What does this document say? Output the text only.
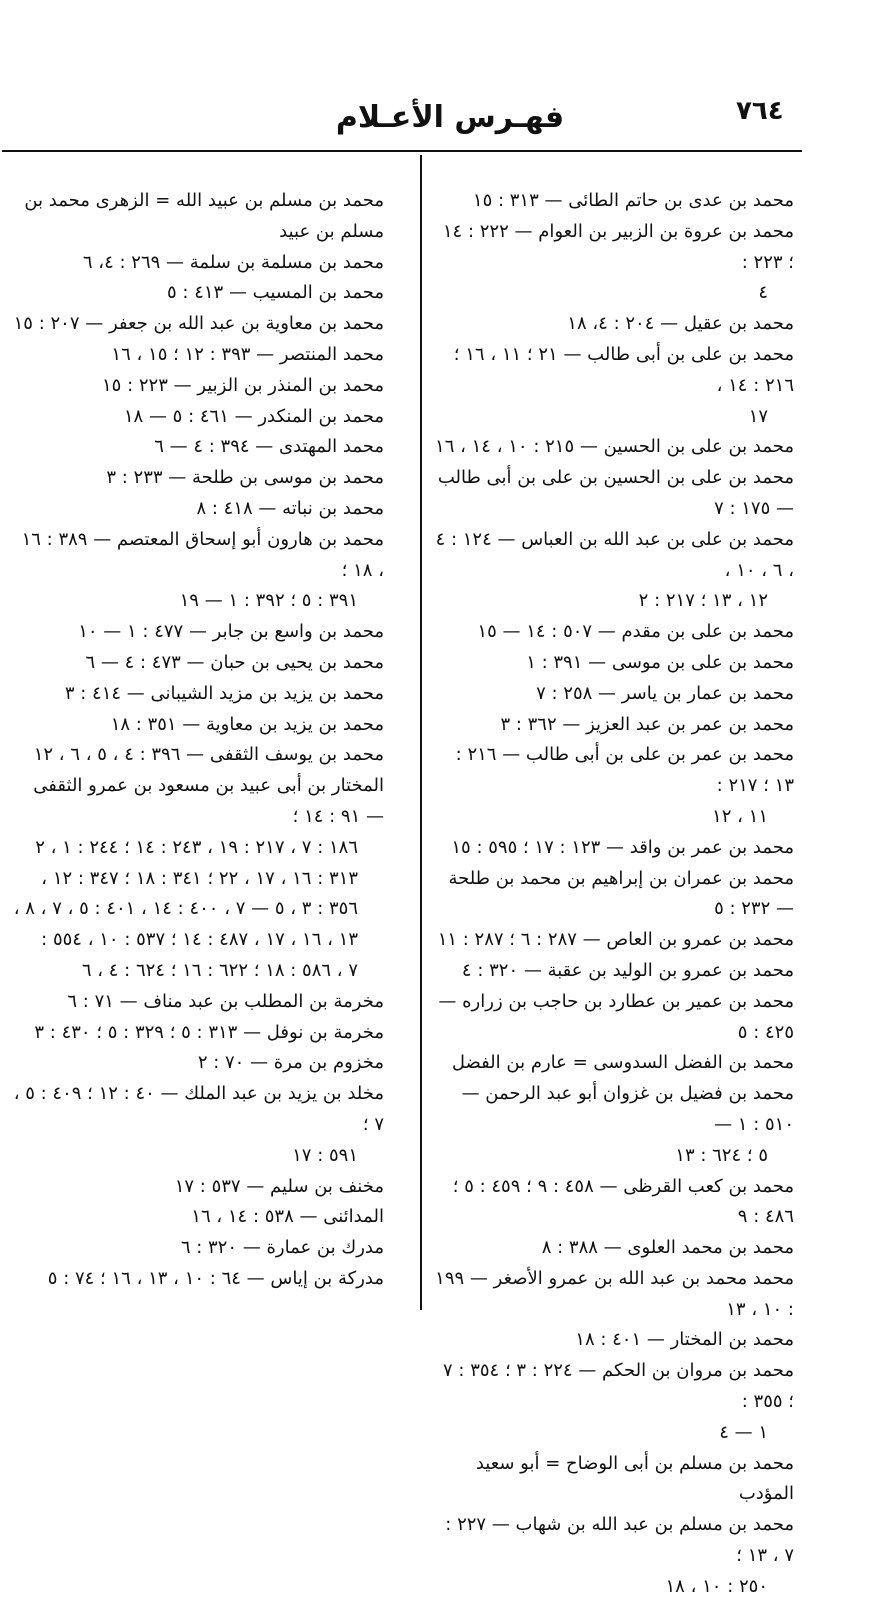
٧٦٤
فهـرس الأعـلام

محمد بن عدى بن حاتم الطائى — ٣١٣ : ١٥

محمد بن عروة بن الزبير بن العوام — ٢٢٢ : ١٤ ؛ ٢٢٣ :

٤

محمد بن عقيل — ٢٠٤ : ٤، ١٨

محمد بن على بن أبى طالب — ٢١ ؛ ١١ ، ١٦ ؛ ٢١٦ : ١٤ ،

١٧

محمد بن على بن الحسين — ٢١٥ : ١٠ ، ١٤ ، ١٦

محمد بن على بن الحسين بن على بن أبى طالب — ١٧٥ : ٧

محمد بن على بن عبد الله بن العباس — ١٢٤ : ٤ ، ٦ ، ١٠ ،

١٢ ، ١٣ ؛ ٢١٧ : ٢

محمد بن على بن مقدم — ٥٠٧ : ١٤ — ١٥

محمد بن على بن موسى — ٣٩١ : ١

محمد بن عمار بن ياسر — ٢٥٨ : ٧

محمد بن عمر بن عبد العزيز — ٣٦٢ : ٣

محمد بن عمر بن على بن أبى طالب — ٢١٦ : ١٣ ؛ ٢١٧ :

١١ ، ١٢

محمد بن عمر بن واقد — ١٢٣ : ١٧ ؛ ٥٩٥ : ١٥

محمد بن عمران بن إبراهيم بن محمد بن طلحة — ٢٣٢ : ٥

محمد بن عمرو بن العاص — ٢٨٧ : ٦ ؛ ٢٨٧ : ١١

محمد بن عمرو بن الوليد بن عقبة — ٣٢٠ : ٤

محمد بن عمير بن عطارد بن حاجب بن زراره — ٤٢٥ : ٥

محمد بن الفضل السدوسى = عارم بن الفضل

محمد بن فضيل بن غزوان أبو عبد الرحمن — ٥١٠ : ١ —

٥ ؛ ٦٢٤ : ١٣

محمد بن كعب القرظى — ٤٥٨ : ٩ ؛ ٤٥٩ : ٥ ؛ ٤٨٦ : ٩

محمد بن محمد العلوى — ٣٨٨ : ٨

محمد محمد بن عبد الله بن عمرو الأصغر — ١٩٩ : ١٠ ، ١٣

محمد بن المختار — ٤٠١ : ١٨

محمد بن مروان بن الحكم — ٢٢٤ : ٣ ؛ ٣٥٤ : ٧ ؛ ٣٥٥ :

١ — ٤

محمد بن مسلم بن أبى الوضاح = أبو سعيد المؤدب

محمد بن مسلم بن عبد الله بن شهاب — ٢٢٧ : ٧ ، ١٣ ؛

٢٥٠ : ١٠ ، ١٨

محمد بن مسلم بن عبيد الله = الزهرى محمد بن مسلم بن عبيد

محمد بن مسلمة بن سلمة — ٢٦٩ : ٤، ٦

محمد بن المسيب — ٤١٣ : ٥

محمد بن معاوية بن عبد الله بن جعفر — ٢٠٧ : ١٥

محمد المنتصر — ٣٩٣ : ١٢ ؛ ١٥ ، ١٦

محمد بن المنذر بن الزبير — ٢٢٣ : ١٥

محمد بن المنكدر — ٤٦١ : ٥ — ١٨

محمد المهتدى — ٣٩٤ : ٤ — ٦

محمد بن موسى بن طلحة — ٢٣٣ : ٣

محمد بن نباته — ٤١٨ : ٨

محمد بن هارون أبو إسحاق المعتصم — ٣٨٩ : ١٦ ، ١٨ ؛

٣٩١ : ٥ ؛ ٣٩٢ : ١ — ١٩

محمد بن واسع بن جابر — ٤٧٧ : ١ — ١٠

محمد بن يحيى بن حبان — ٤٧٣ : ٤ — ٦

محمد بن يزيد بن مزيد الشيبانى — ٤١٤ : ٣

محمد بن يزيد بن معاوية — ٣٥١ : ١٨

محمد بن يوسف الثقفى — ٣٩٦ : ٤ ، ٥ ، ٦ ، ١٢

المختار بن أبى عبيد بن مسعود بن عمرو الثقفى — ٩١ : ١٤ ؛

١٨٦ : ٧ ، ٢١٧ : ١٩ ، ٢٤٣ : ١٤ ؛ ٢٤٤ : ١ ، ٢

٣١٣ : ١٦ ، ١٧ ، ٢٢ ؛ ٣٤١ : ١٨ ؛ ٣٤٧ : ١٢ ،

٣٥٦ : ٣ ، ٥ — ٧ ، ٤٠٠ : ١٤ ، ٤٠١ : ٥ ، ٧ ، ٨ ،

١٣ ، ١٦ ، ١٧ ، ٤٨٧ : ١٤ ؛ ٥٣٧ : ١٠ ، ٥٥٤ :

٧ ، ٥٨٦ : ١٨ ؛ ٦٢٢ : ١٦ ؛ ٦٢٤ : ٤ ، ٦

مخرمة بن المطلب بن عبد مناف — ٧١ : ٦

مخرمة بن نوفل — ٣١٣ : ٥ ؛ ٣٢٩ : ٥ ؛ ٤٣٠ : ٣

مخزوم بن مرة — ٧٠ : ٢

مخلد بن يزيد بن عبد الملك — ٤٠ : ١٢ ؛ ٤٠٩ : ٥ ، ٧ ؛

٥٩١ : ١٧

مخنف بن سليم — ٥٣٧ : ١٧

المدائنى — ٥٣٨ : ١٤ ، ١٦

مدرك بن عمارة — ٣٢٠ : ٦

مدركة بن إياس — ٦٤ : ١٠ ، ١٣ ، ١٦ ؛ ٧٤ : ٥
